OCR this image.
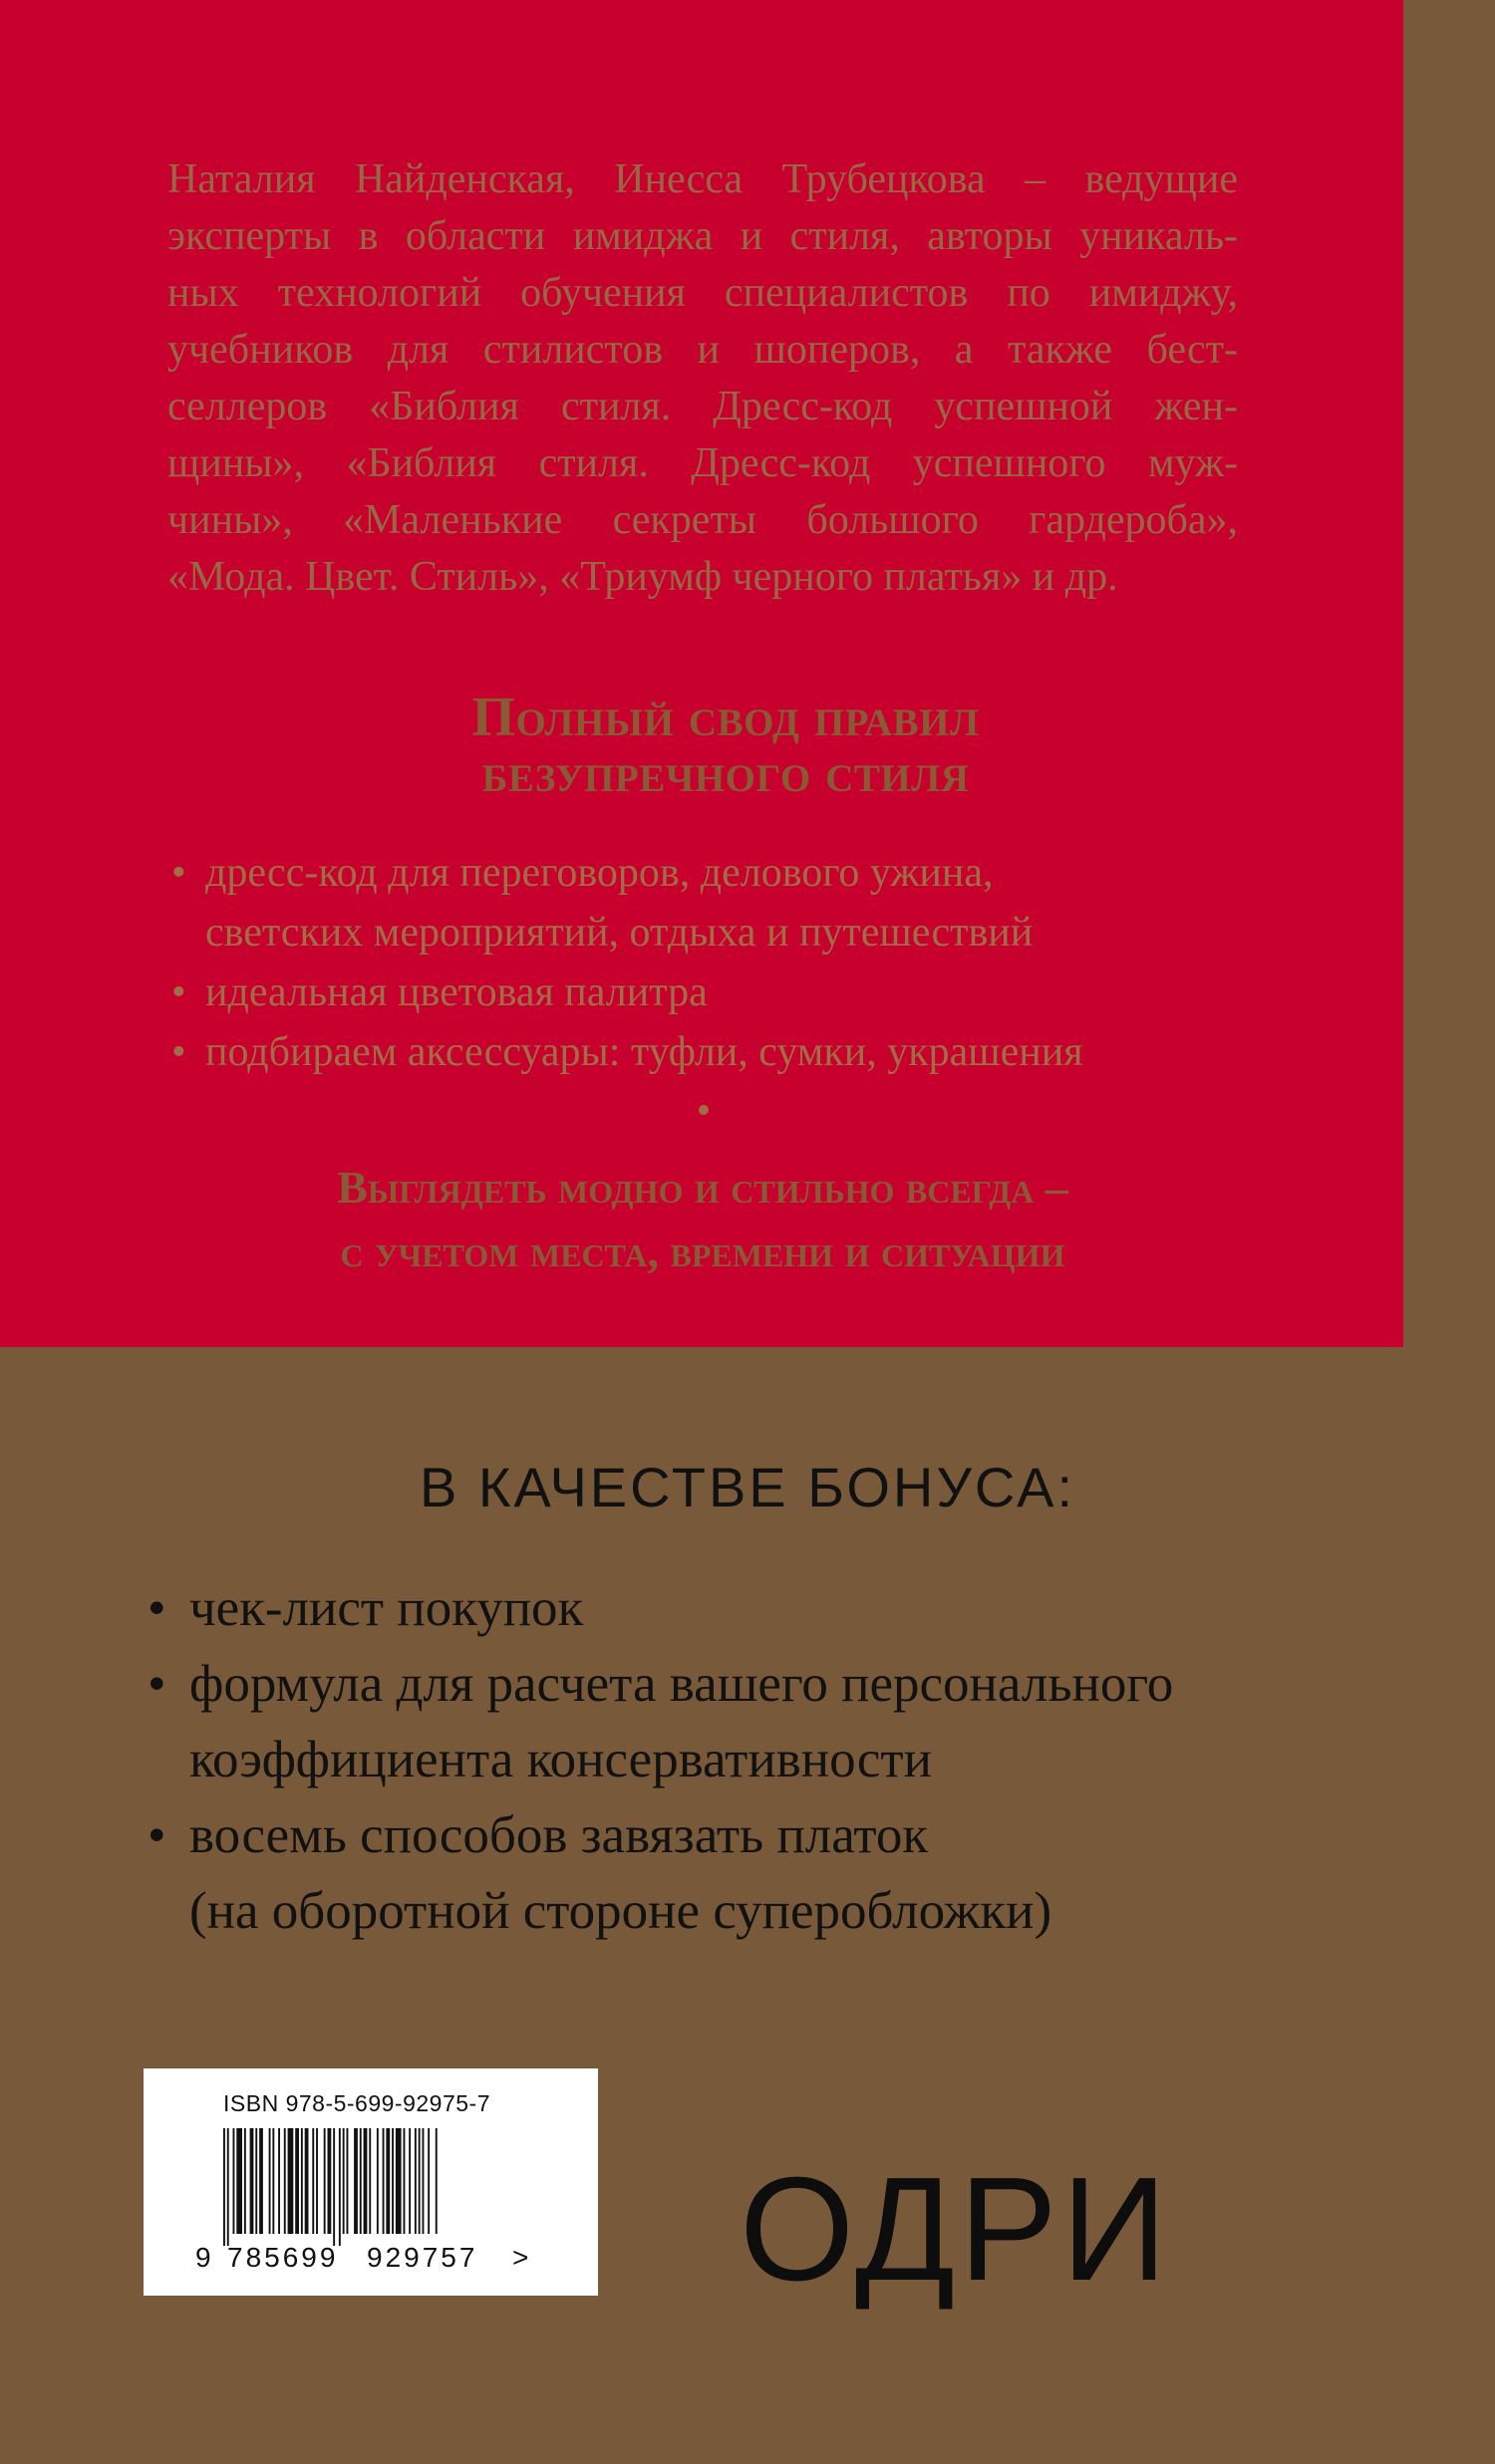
Наталия Найденская, Инесса Трубецкова – ведущие
эксперты в области имиджа и стиля, авторы уникаль-
ных технологий обучения специалистов по имиджу,
учебников для стилистов и шоперов, а также бест-
селлеров «Библия стиля. Дресс-код успешной жен-
щины», «Библия стиля. Дресс-код успешного муж-
чины», «Маленькие секреты большого гардероба»,
«Мода. Цвет. Стиль», «Триумф черного платья» и др.
Полный свод правил
безупречного стиля
• дресс-код для переговоров, делового ужина,
светских мероприятий, отдыха и путешествий
• идеальная цветовая палитра
• подбираем аксессуары: туфли, сумки, украшения
•
Выглядеть модно и стильно всегда –
с учетом места, времени и ситуации
В КАЧЕСТВЕ БОНУСА:
• чек-лист покупок
• формула для расчета вашего персонального
коэффициента консервативности
• восемь способов завязать платок
(на оборотной стороне суперобложки)
ISBN 978-5-699-92975-7
9 785699 929757 > ОДРИ
